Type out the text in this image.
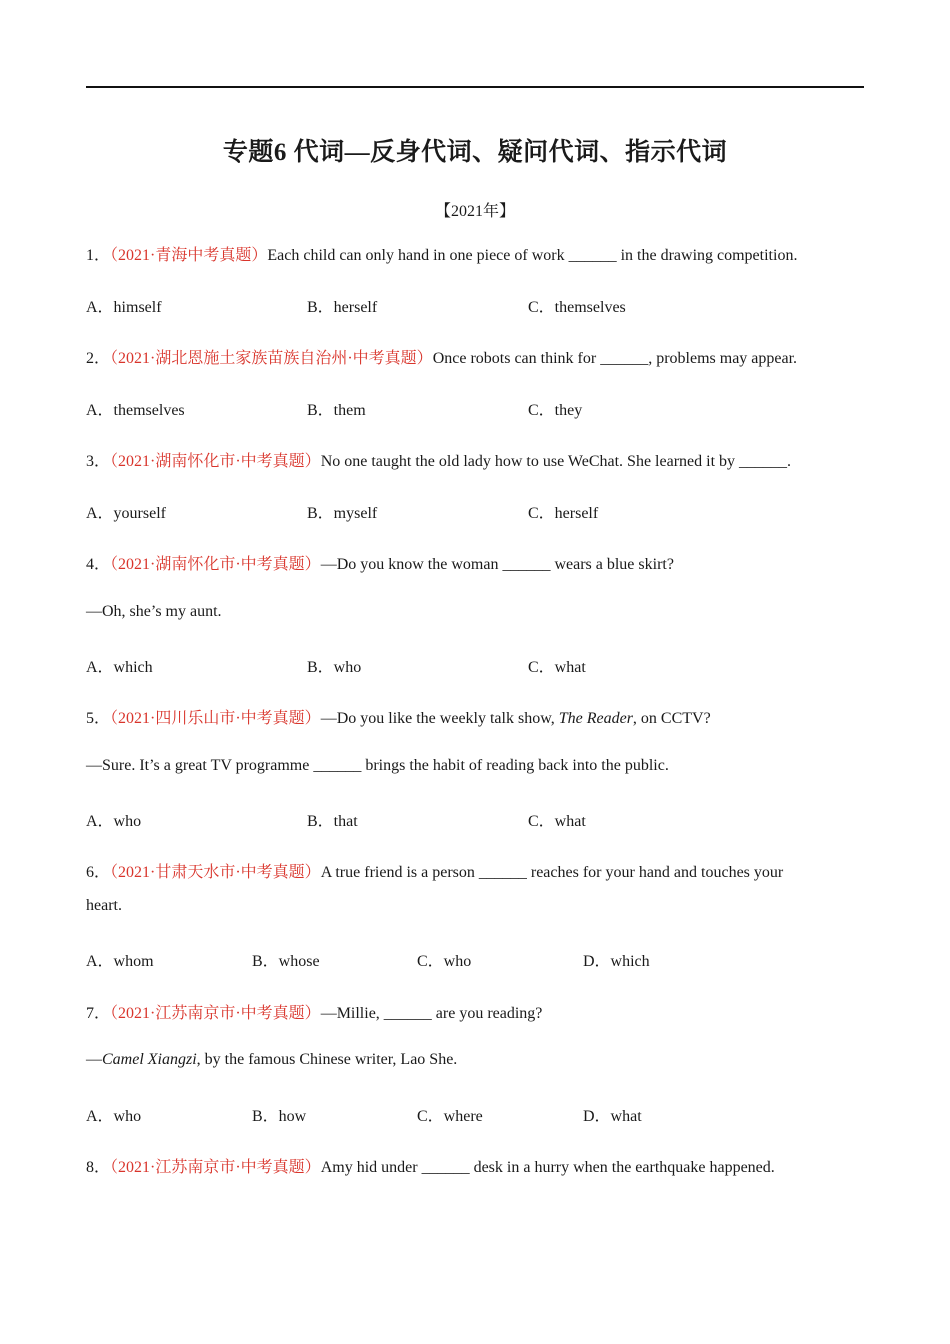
专题6 代词—反身代词、疑问代词、指示代词
【2021年】
1．（2021·青海中考真题）Each child can only hand in one piece of work ______ in the drawing competition.
A．himself	B．herself	C．themselves
2．（2021·湖北恩施土家族苗族自治州·中考真题）Once robots can think for ______, problems may appear.
A．themselves	B．them	C．they
3．（2021·湖南怀化市·中考真题）No one taught the old lady how to use WeChat. She learned it by ______.
A．yourself	B．myself	C．herself
4．（2021·湖南怀化市·中考真题）—Do you know the woman ______ wears a blue skirt?
—Oh, she’s my aunt.
A．which	B．who	C．what
5．（2021·四川乐山市·中考真题）—Do you like the weekly talk show, The Reader, on CCTV?
—Sure. It’s a great TV programme ______ brings the habit of reading back into the public.
A．who	B．that	C．what
6．（2021·甘肃天水市·中考真题）A true friend is a person ______ reaches for your hand and touches your
heart.
A．whom	B．whose	C．who	D．which
7．（2021·江苏南京市·中考真题）—Millie, ______ are you reading?
—Camel Xiangzi, by the famous Chinese writer, Lao She.
A．who	B．how	C．where	D．what
8．（2021·江苏南京市·中考真题）Amy hid under ______ desk in a hurry when the earthquake happened.
